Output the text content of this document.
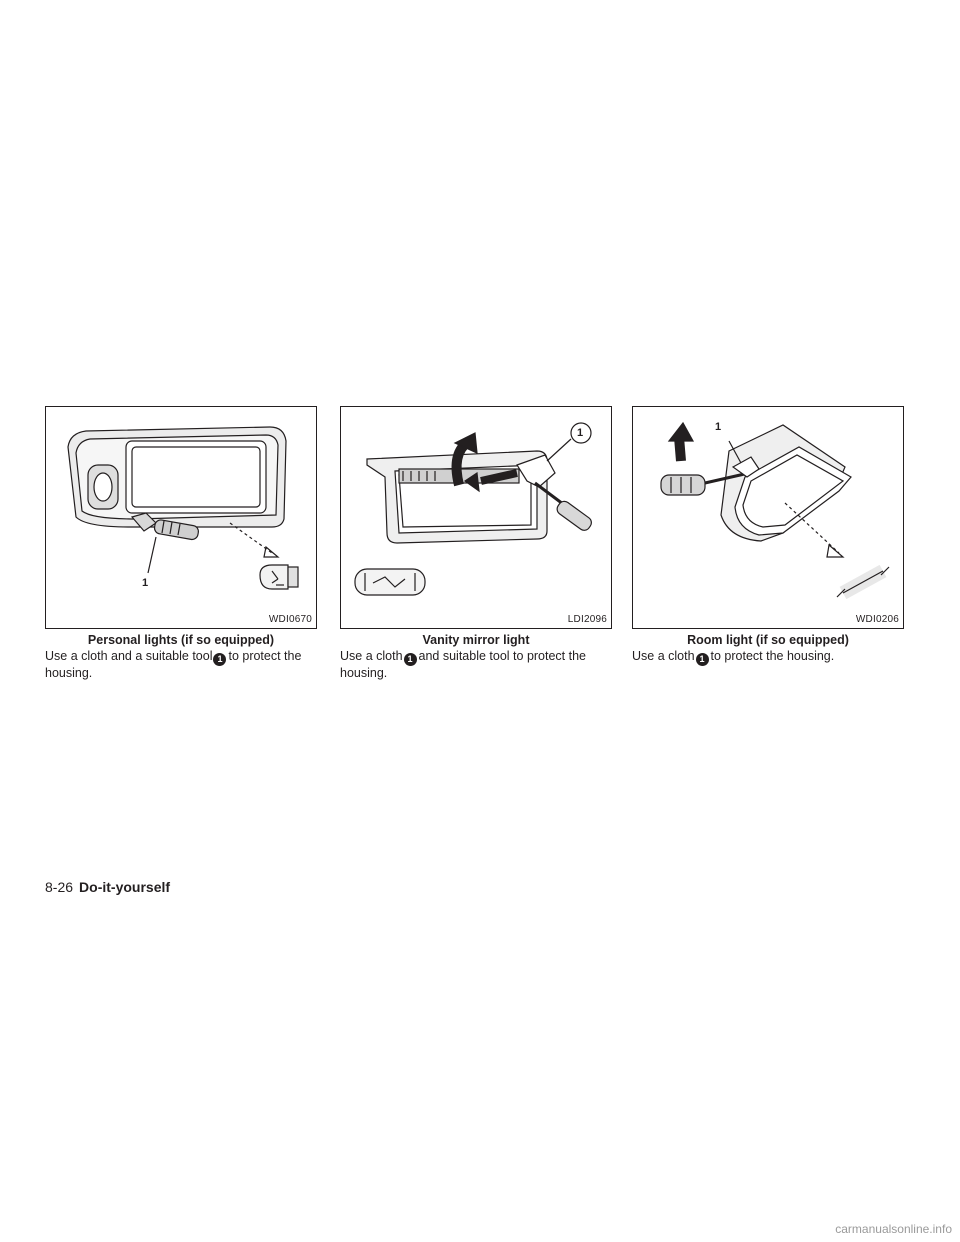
1
WDI0670
Personal lights (if so equipped)
Use a cloth and a suitable tool 1 to protect the housing.
1
LDI2096
Vanity mirror light
Use a cloth 1 and suitable tool to protect the housing.
1
WDI0206
Room light (if so equipped)
Use a cloth 1 to protect the housing.
8-26 Do-it-yourself
carmanualsonline.info
